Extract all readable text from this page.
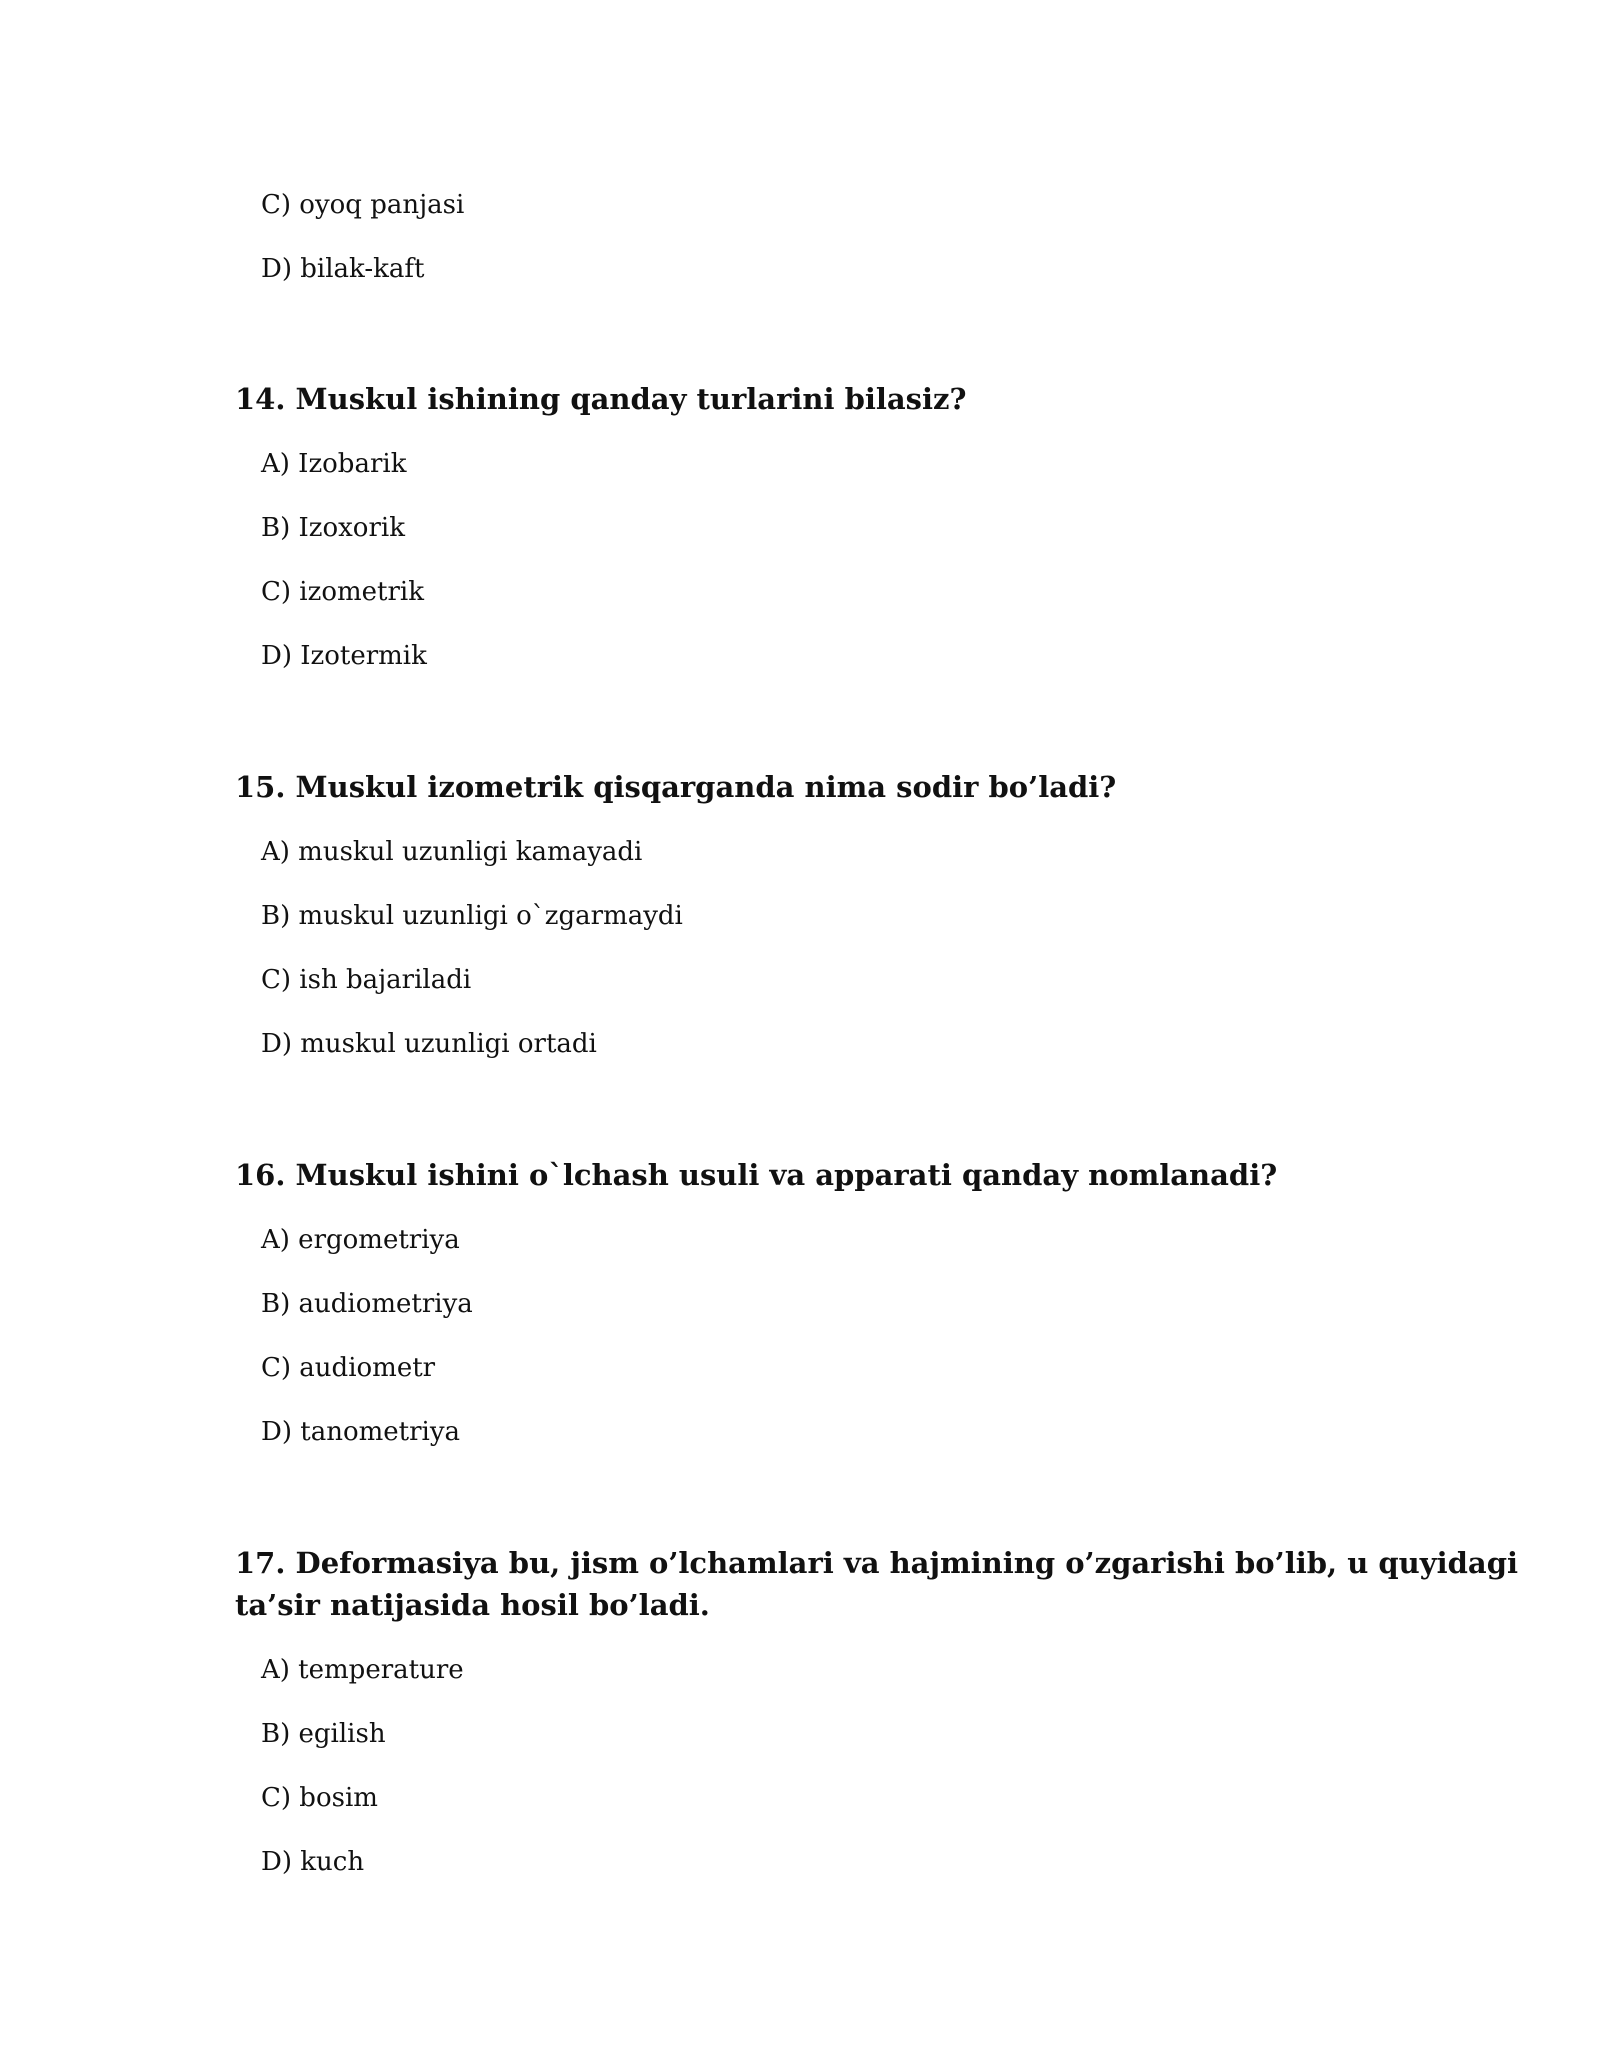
C) oyoq panjasi
D) bilak-kaft
14. Muskul ishining qanday turlarini bilasiz?
A) Izobarik
B) Izoxorik
C) izometrik
D) Izotermik
15. Muskul izometrik qisqarganda nima sodir bo’ladi?
A) muskul uzunligi kamayadi
B) muskul uzunligi o`zgarmaydi
C) ish bajariladi
D) muskul uzunligi ortadi
16. Muskul ishini o`lchash usuli va apparati qanday nomlanadi?
A) ergometriya
B) audiometriya
C) audiometr
D) tanometriya
17. Deformasiya bu, jism o’lchamlari va hajmining o’zgarishi bo’lib, u quyidagi
ta’sir natijasida hosil bo’ladi.
A) temperature
B) egilish
C) bosim
D) kuch
